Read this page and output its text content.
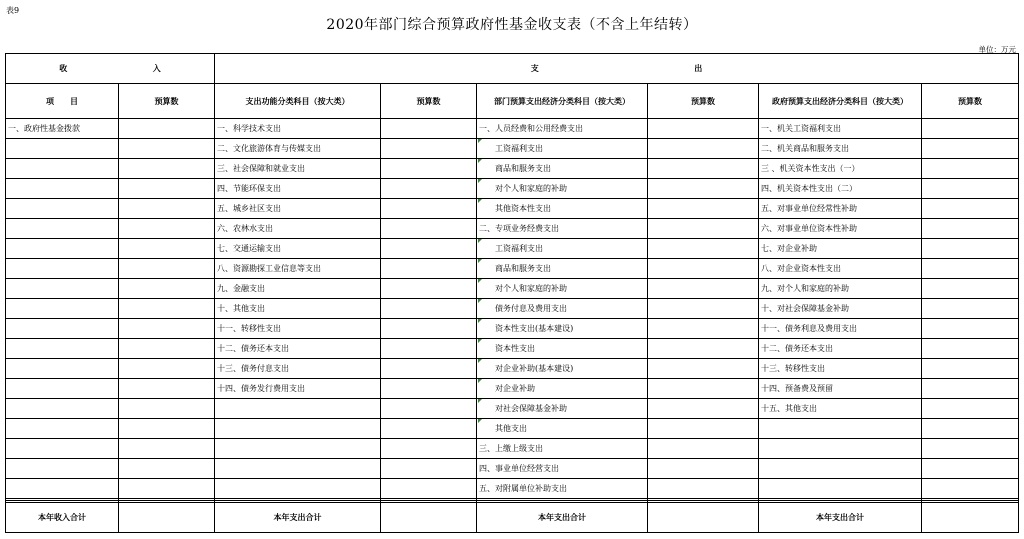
表9
2020年部门综合预算政府性基金收支表（不含上年结转）
单位：万元
收 入		支 出					
项　　目	预算数	支出功能分类科目（按大类）	预算数	部门预算支出经济分类科目（按大类）	预算数	政府预算支出经济分类科目（按大类）	预算数
一、政府性基金拨款		一、科学技术支出		一、人员经费和公用经费支出		一、机关工资福利支出	
		二、文化旅游体育与传媒支出		工资福利支出		二、机关商品和服务支出	
		三、社会保障和就业支出		商品和服务支出		三 、机关资本性支出（一）	
		四、节能环保支出		对个人和家庭的补助		四、机关资本性支出（二）	
		五、城乡社区支出		其他资本性支出		五、对事业单位经常性补助	
		六、农林水支出		二、专项业务经费支出		六、对事业单位资本性补助	
		七、交通运输支出		工资福利支出		七、对企业补助	
		八、资源勘探工业信息等支出		商品和服务支出		八、对企业资本性支出	
		九、金融支出		对个人和家庭的补助		九、对个人和家庭的补助	
		十、其他支出		债务付息及费用支出		十、对社会保障基金补助	
		十一、转移性支出		资本性支出(基本建设)		十一、债务利息及费用支出	
		十二、债务还本支出		资本性支出		十二、债务还本支出	
		十三、债务付息支出		对企业补助(基本建设)		十三、转移性支出	
		十四、债务发行费用支出		对企业补助		十四、预备费及预留	
				对社会保障基金补助		十五、其他支出	
				其他支出			
				三、上缴上级支出			
				四、事业单位经营支出			
				五、对附属单位补助支出			

本年收入合计		本年支出合计		本年支出合计		本年支出合计	
